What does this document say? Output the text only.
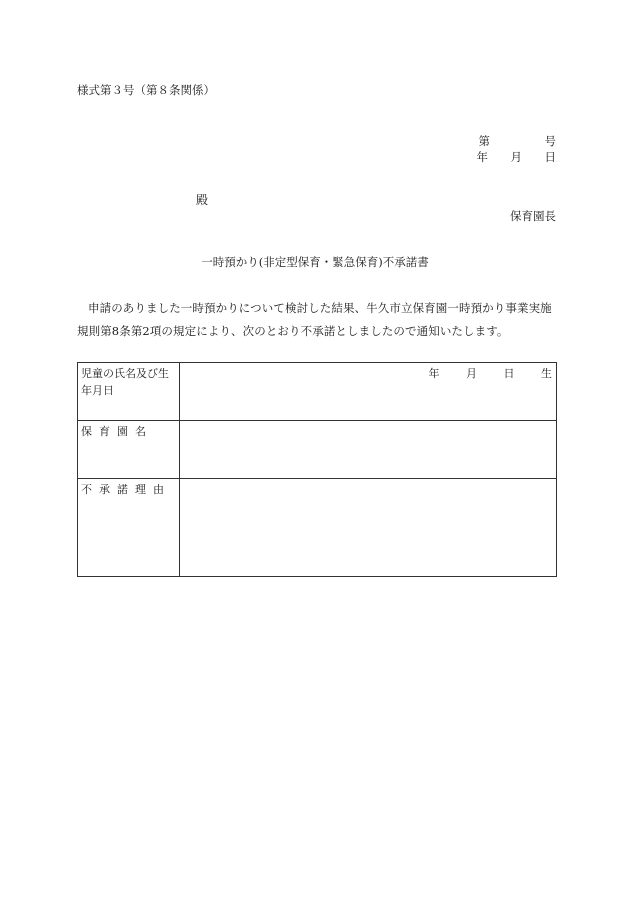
様式第３号（第８条関係）
第	号
年	月	日
殿
保育園長
一時預かり(非定型保育・緊急保育)不承諾書
申請のありました一時預かりについて検討した結果、牛久市立保育園一時預かり事業実施規則第8条第2項の規定により、次のとおり不承諾としましたので通知いたします。
児童の氏名及び生年月日	年 月 日 生

保育園名	
不承諾理由	
